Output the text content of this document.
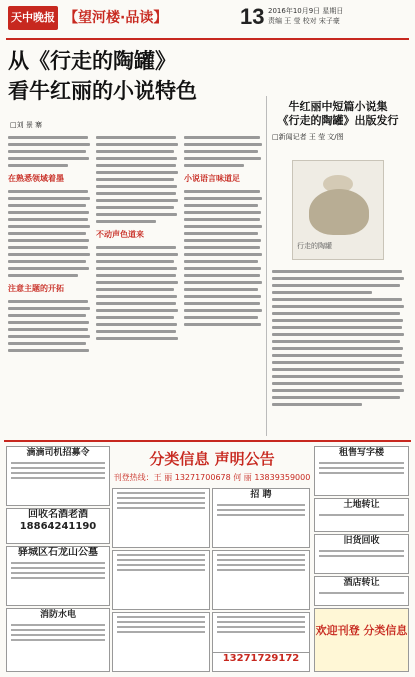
天中晚报 【望河楼·品读】	13 2016年10月9日 星期日
责编 王 莹 校对 宋子豪
从《行走的陶罐》
看牛红丽的小说特色
□刘 景 寨
在熟悉领域着墨
注意主题的开拓
不动声色道来
小说语言味道足
牛红丽中短篇小说集
《行走的陶罐》出版发行
□新闻记者 王 莹 文/图
行走的陶罐
分类信息 声明公告
刊登热线：王 丽 13271700678 何 丽 13839359000
滴滴司机招募令
回收名酒老酒
18864241190
驿城区石龙山公墓
消防水电
招 聘
租售写字楼
土地转让
旧货回收
酒店转让
欢迎刊登 分类信息
13271729172
